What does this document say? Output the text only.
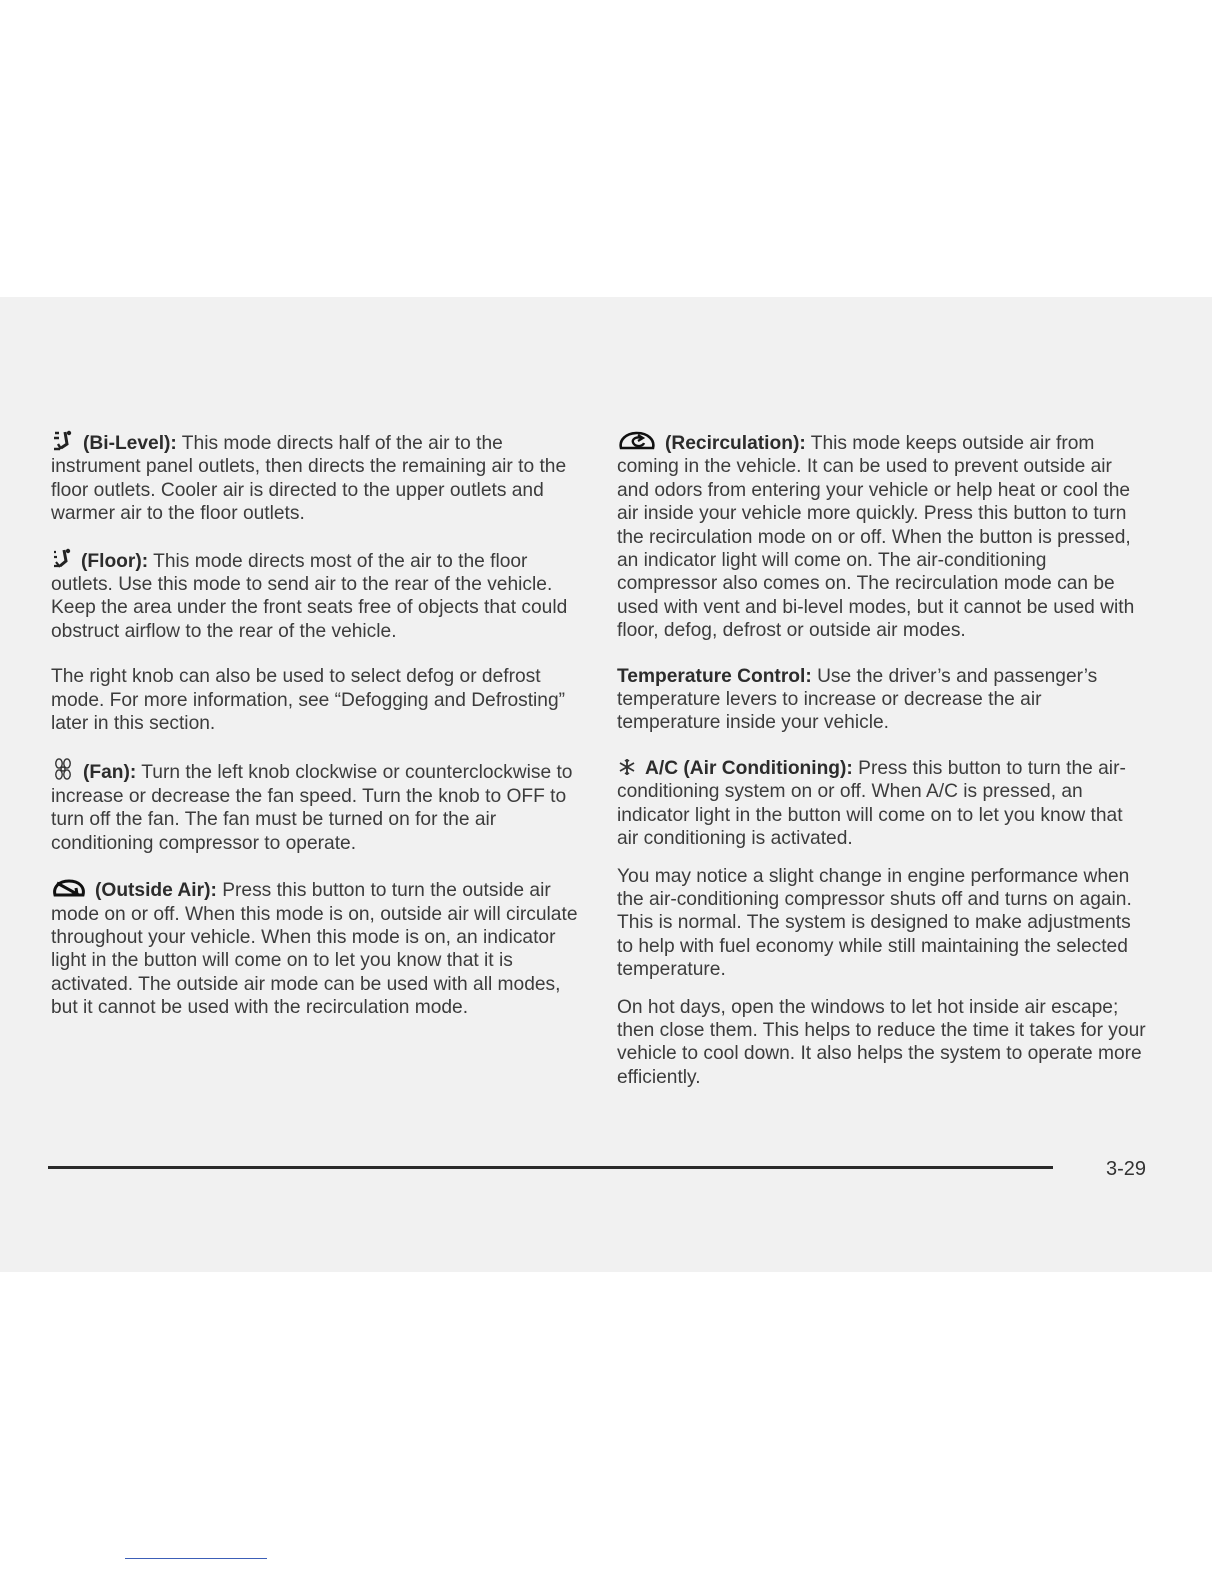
(Bi-Level): This mode directs half of the air to the instrument panel outlets, then directs the remaining air to the floor outlets. Cooler air is directed to the upper outlets and warmer air to the floor outlets.

(Floor): This mode directs most of the air to the floor outlets. Use this mode to send air to the rear of the vehicle. Keep the area under the front seats free of objects that could obstruct airflow to the rear of the vehicle.

The right knob can also be used to select defog or defrost mode. For more information, see “Defogging and Defrosting” later in this section.

(Fan): Turn the left knob clockwise or counterclockwise to increase or decrease the fan speed. Turn the knob to OFF to turn off the fan. The fan must be turned on for the air conditioning compressor to operate.

(Outside Air): Press this button to turn the outside air mode on or off. When this mode is on, outside air will circulate throughout your vehicle. When this mode is on, an indicator light in the button will come on to let you know that it is activated. The outside air mode can be used with all modes, but it cannot be used with the recirculation mode.

(Recirculation): This mode keeps outside air from coming in the vehicle. It can be used to prevent outside air and odors from entering your vehicle or help heat or cool the air inside your vehicle more quickly. Press this button to turn the recirculation mode on or off. When the button is pressed, an indicator light will come on. The air-conditioning compressor also comes on. The recirculation mode can be used with vent and bi-level modes, but it cannot be used with floor, defog, defrost or outside air modes.

Temperature Control: Use the driver’s and passenger’s temperature levers to increase or decrease the air temperature inside your vehicle.

A/C (Air Conditioning): Press this button to turn the air-conditioning system on or off. When A/C is pressed, an indicator light in the button will come on to let you know that air conditioning is activated.

You may notice a slight change in engine performance when the air-conditioning compressor shuts off and turns on again. This is normal. The system is designed to make adjustments to help with fuel economy while still maintaining the selected temperature.

On hot days, open the windows to let hot inside air escape; then close them. This helps to reduce the time it takes for your vehicle to cool down. It also helps the system to operate more efficiently.

3-29
